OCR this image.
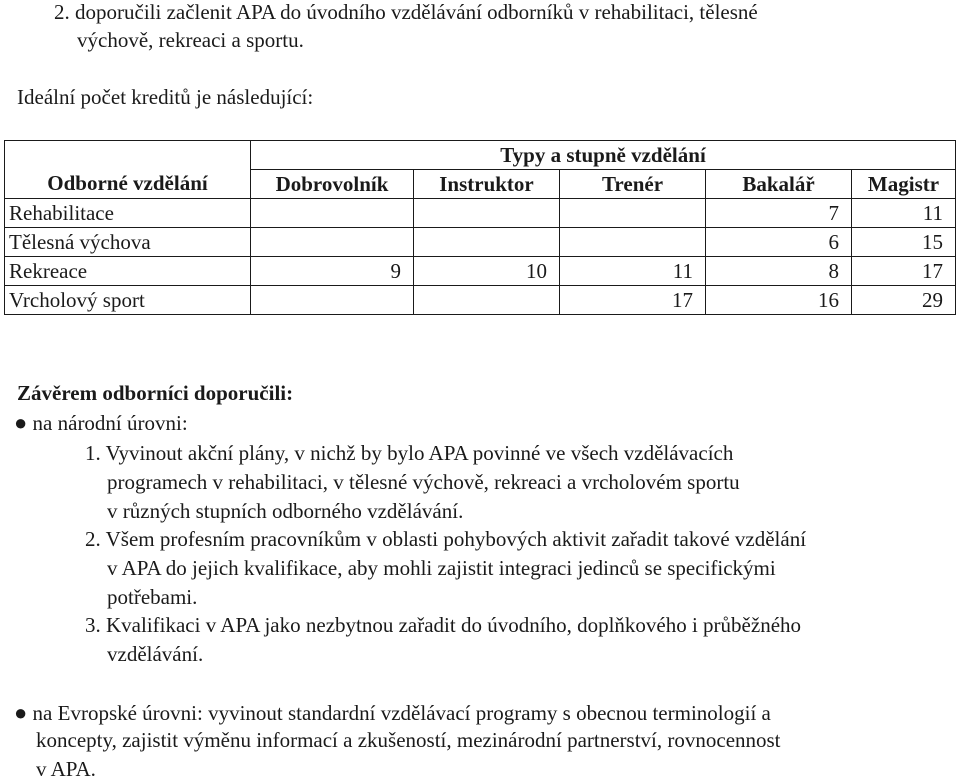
2. doporučili začlenit APA do úvodního vzdělávání odborníků v rehabilitaci, tělesné
výchově, rekreaci a sportu.
Ideální počet kreditů je následující:
	Typy a stupně vzdělání				
Odborné vzdělání	Dobrovolník	Instruktor	Trenér	Bakalář	Magistr
Rehabilitace				7	11
Tělesná výchova				6	15
Rekreace	9	10	11	8	17
Vrcholový sport			17	16	29
Závěrem odborníci doporučili:
● na národní úrovni:
1. Vyvinout akční plány, v nichž by bylo APA povinné ve všech vzdělávacích
programech v rehabilitaci, v tělesné výchově, rekreaci a vrcholovém sportu
v různých stupních odborného vzdělávání.
2. Všem profesním pracovníkům v oblasti pohybových aktivit zařadit takové vzdělání
v APA do jejich kvalifikace, aby mohli zajistit integraci jedinců se specifickými
potřebami.
3. Kvalifikaci v APA jako nezbytnou zařadit do úvodního, doplňkového i průběžného
vzdělávání.
● na Evropské úrovni: vyvinout standardní vzdělávací programy s obecnou terminologií a
koncepty, zajistit výměnu informací a zkušeností, mezinárodní partnerství, rovnocennost
v APA.
